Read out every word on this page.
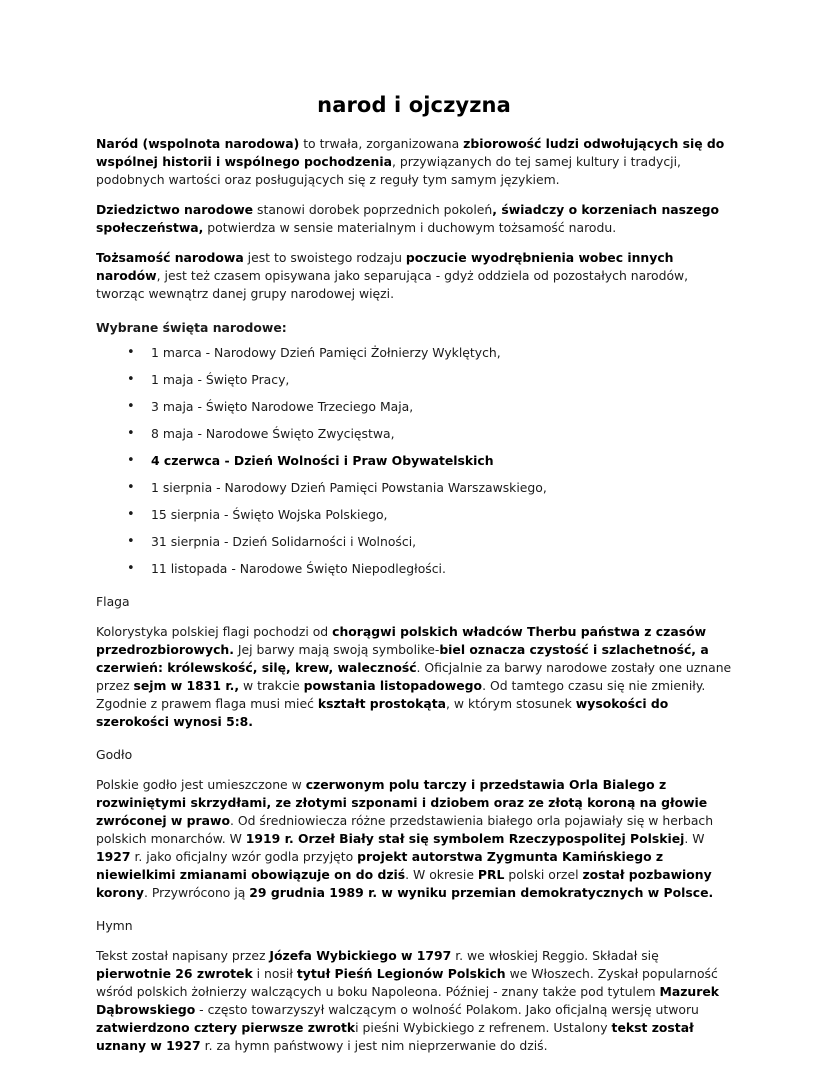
narod i ojczyzna

Naród (wspolnota narodowa) to trwała, zorganizowana zbiorowość ludzi odwołujących się do wspólnej historii i wspólnego pochodzenia, przywiązanych do tej samej kultury i tradycji, podobnych wartości oraz posługujących się z reguły tym samym językiem.

Dziedzictwo narodowe stanowi dorobek poprzednich pokoleń, świadczy o korzeniach naszego społeczeństwa, potwierdza w sensie materialnym i duchowym tożsamość narodu.

Tożsamość narodowa jest to swoistego rodzaju poczucie wyodrębnienia wobec innych narodów, jest też czasem opisywana jako separująca - gdyż oddziela od pozostałych narodów, tworząc wewnątrz danej grupy narodowej więzi.

Wybrane święta narodowe:

• 1 marca - Narodowy Dzień Pamięci Żołnierzy Wyklętych,
• 1 maja - Święto Pracy,
• 3 maja - Święto Narodowe Trzeciego Maja,
• 8 maja - Narodowe Święto Zwycięstwa,
• 4 czerwca - Dzień Wolności i Praw Obywatelskich
• 1 sierpnia - Narodowy Dzień Pamięci Powstania Warszawskiego,
• 15 sierpnia - Święto Wojska Polskiego,
• 31 sierpnia - Dzień Solidarności i Wolności,
• 11 listopada - Narodowe Święto Niepodległości.

Flaga

Kolorystyka polskiej flagi pochodzi od chorągwi polskich władców Therbu państwa z czasów przedrozbiorowych. Jej barwy mają swoją symbolike-biel oznacza czystość i szlachetność, a czerwień: królewskość, silę, krew, waleczność. Oficjalnie za barwy narodowe zostały one uznane przez sejm w 1831 r., w trakcie powstania listopadowego. Od tamtego czasu się nie zmieniły. Zgodnie z prawem flaga musi mieć kształt prostokąta, w którym stosunek wysokości do szerokości wynosi 5:8.

Godło

Polskie godło jest umieszczone w czerwonym polu tarczy i przedstawia Orla Bialego z rozwiniętymi skrzydłami, ze złotymi szponami i dziobem oraz ze złotą koroną na głowie zwróconej w prawo. Od średniowiecza różne przedstawienia białego orla pojawiały się w herbach polskich monarchów. W 1919 r. Orzeł Biały stał się symbolem Rzeczypospolitej Polskiej. W 1927 r. jako oficjalny wzór godla przyjęto projekt autorstwa Zygmunta Kamińskiego z niewielkimi zmianami obowiązuje on do dziś. W okresie PRL polski orzel został pozbawiony korony. Przywrócono ją 29 grudnia 1989 r. w wyniku przemian demokratycznych w Polsce.

Hymn

Tekst został napisany przez Józefa Wybickiego w 1797 r. we włoskiej Reggio. Składał się pierwotnie 26 zwrotek i nosił tytuł Pieśń Legionów Polskich we Włoszech. Zyskał popularność wśród polskich żołnierzy walczących u boku Napoleona. Później - znany także pod tytulem Mazurek Dąbrowskiego - często towarzyszył walczącym o wolność Polakom. Jako oficjalną wersję utworu zatwierdzono cztery pierwsze zwrotki pieśni Wybickiego z refrenem. Ustalony tekst został uznany w 1927 r. za hymn państwowy i jest nim nieprzerwanie do dziś.
